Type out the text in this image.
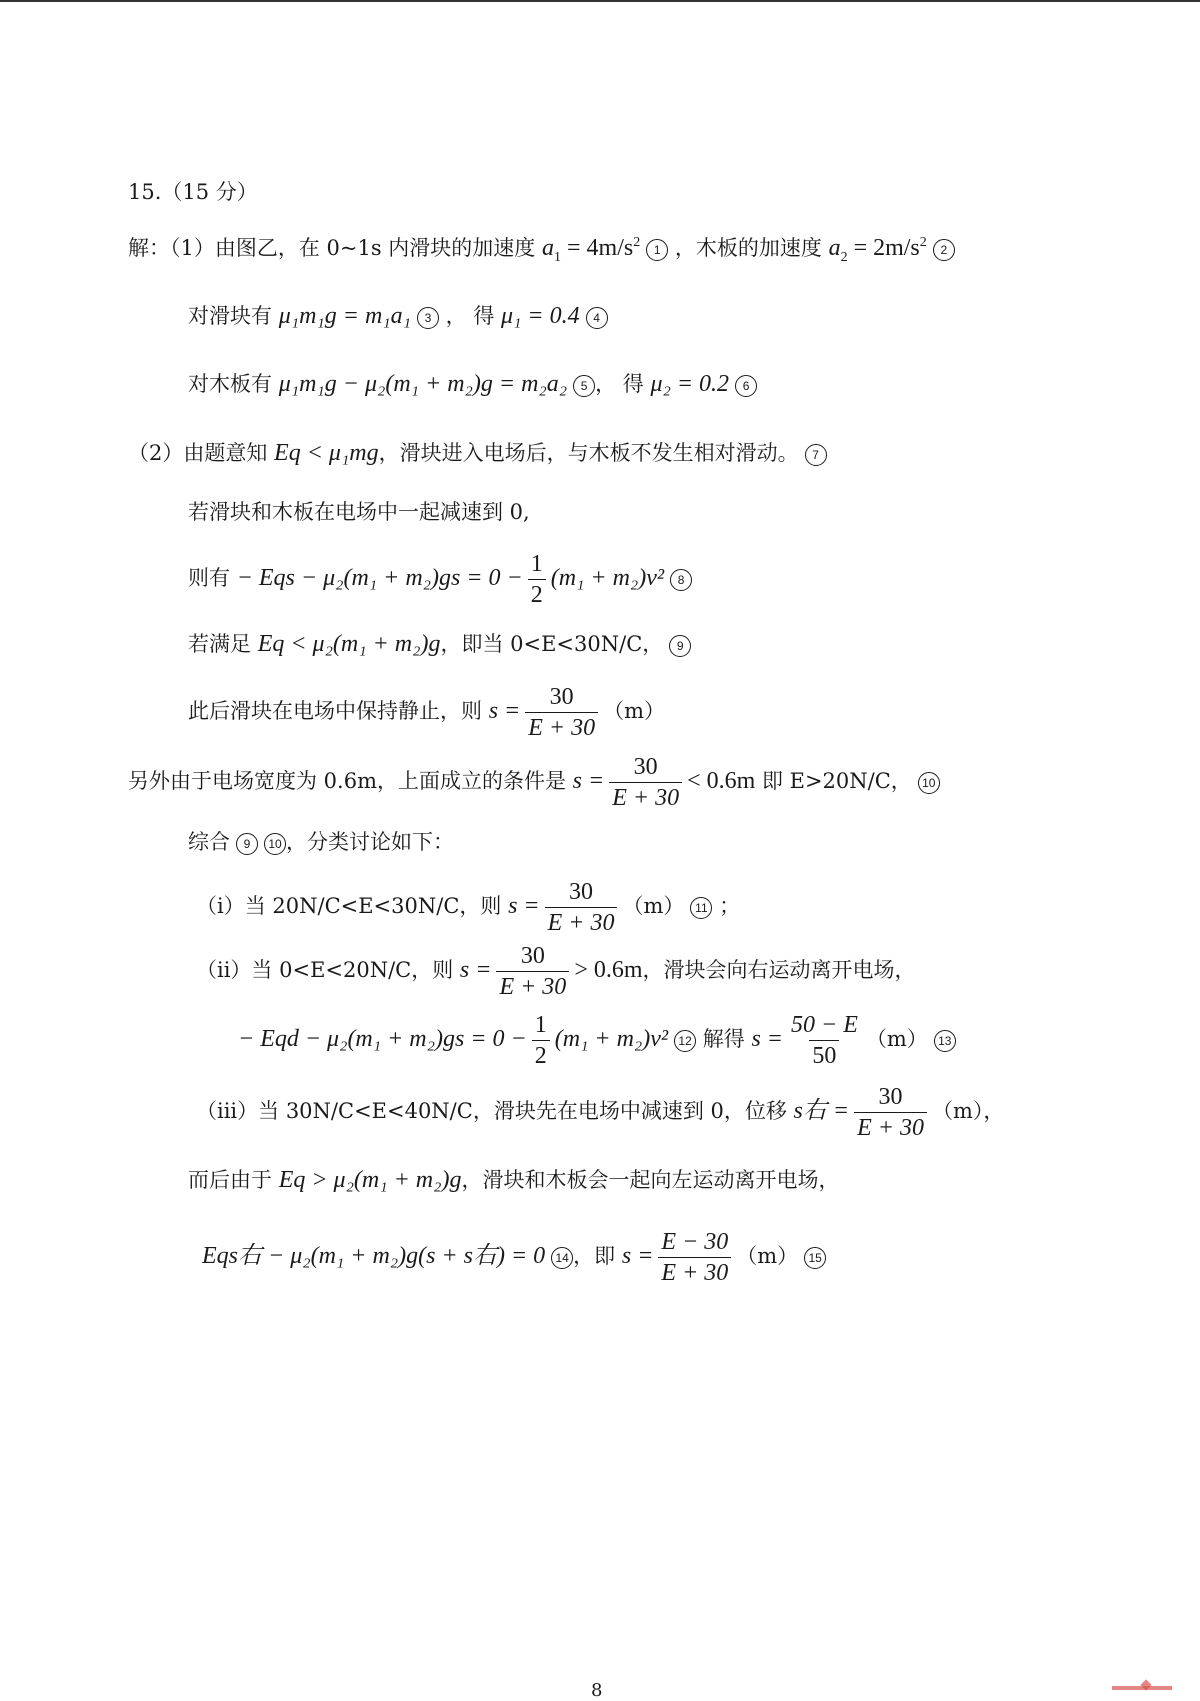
15.（15 分）
解：（1）由图乙，在 0~1s 内滑块的加速度 $a_1 = 4m/s^2$ 1 ，木板的加速度 $a_2 = 2m/s^2$ 2
对滑块有 μ₁m₁g = m₁a₁ 3 ， 得 μ₁ = 0.4 4
对木板有 μ₁m₁g − μ₂(m₁ + m₂)g = m₂a₂ 5 ， 得 μ₂ = 0.2 6
（2）由题意知 Eq < μ₁mg，滑块进入电场后，与木板不发生相对滑动。 7
若滑块和木板在电场中一起减速到 0,
则有 − Eqs − $\mu_2(m_1 + m_2)gs = 0 - \frac{1}{2} (m_1 + m_2)v^2$ 8
若满足 Eq < μ₂(m₁ + m₂)g，即当 0<E<30N/C， 9
此后滑块在电场中保持静止，则 $s = \frac{30}{E + 30} (m)$
另外由于电场宽度为 0.6m，上面成立的条件是 $s = \frac{30}{E + 30} < 0.6m$ 即 E>20N/C， 10
综合 9 10 ，分类讨论如下：
（i）当 20N/C<E<30N/C，则 $s = \frac{30}{E + 30} (m)$ 11 ；
（ii）当 0<E<20N/C，则 $s = \frac{30}{E + 30} > 0.6m$，滑块会向右运动离开电场，
− Eqd − $\mu_2(m_1 + m_2)gs = 0 - \frac{1}{2} (m_1 + m_2)v^2$ 12 解得 $s = \frac{50 - E}{50} (m)$ 13
（iii）当 30N/C<E<40N/C，滑块先在电场中减速到 0，位移 s右 = $\frac{30}{E + 30} (m)$，
而后由于 Eq > μ₂(m₁ + m₂)g，滑块和木板会一起向左运动离开电场，
Eqs右 − μ₂(m₁ + m₂)g(s + s右) = 0 14 ，即 $s = \frac{E - 30}{E + 30} (m)$ 15
8
